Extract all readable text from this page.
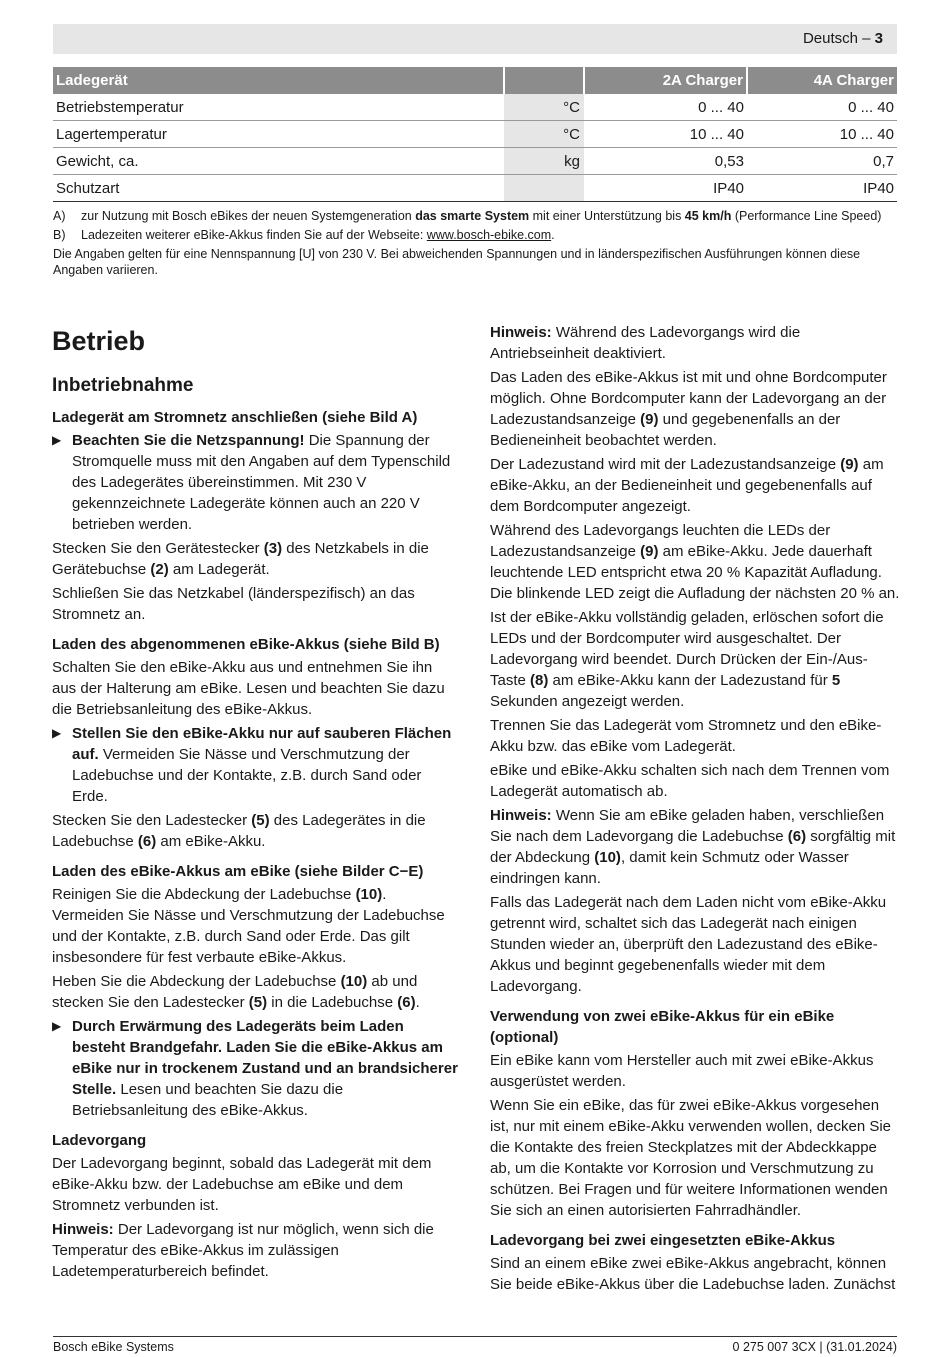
Deutsch – 3
Ladegerät		2A Charger	4A Charger
Betriebstemperatur	°C	0 ... 40	0 ... 40
Lagertemperatur	°C	10 ... 40	10 ... 40
Gewicht, ca.	kg	0,53	0,7
Schutzart		IP40	IP40
A)	zur Nutzung mit Bosch eBikes der neuen Systemgeneration das smarte System mit einer Unterstützung bis 45 km/h (Performance Line Speed)
B)	Ladezeiten weiterer eBike-Akkus finden Sie auf der Webseite: www.bosch-ebike.com.
Die Angaben gelten für eine Nennspannung [U] von 230 V. Bei abweichenden Spannungen und in länderspezifischen Ausführungen können diese Angaben variieren.
Betrieb
Inbetriebnahme
Ladegerät am Stromnetz anschließen (siehe Bild A)
▶ Beachten Sie die Netzspannung! Die Spannung der Stromquelle muss mit den Angaben auf dem Typenschild des Ladegerätes übereinstimmen. Mit 230 V gekennzeichnete Ladegeräte können auch an 220 V betrieben werden.

Stecken Sie den Gerätestecker (3) des Netzkabels in die Gerätebuchse (2) am Ladegerät.

Schließen Sie das Netzkabel (länderspezifisch) an das Stromnetz an.

Laden des abgenommenen eBike-Akkus (siehe Bild B)

Schalten Sie den eBike-Akku aus und entnehmen Sie ihn aus der Halterung am eBike. Lesen und beachten Sie dazu die Betriebsanleitung des eBike-Akkus.

▶ Stellen Sie den eBike-Akku nur auf sauberen Flächen auf. Vermeiden Sie Nässe und Verschmutzung der Ladebuchse und der Kontakte, z.B. durch Sand oder Erde.

Stecken Sie den Ladestecker (5) des Ladegerätes in die Ladebuchse (6) am eBike-Akku.

Laden des eBike-Akkus am eBike (siehe Bilder C−E)

Reinigen Sie die Abdeckung der Ladebuchse (10). Vermeiden Sie Nässe und Verschmutzung der Ladebuchse und der Kontakte, z.B. durch Sand oder Erde. Das gilt insbesondere für fest verbaute eBike-Akkus.

Heben Sie die Abdeckung der Ladebuchse (10) ab und stecken Sie den Ladestecker (5) in die Ladebuchse (6).

▶ Durch Erwärmung des Ladegeräts beim Laden besteht Brandgefahr. Laden Sie die eBike-Akkus am eBike nur in trockenem Zustand und an brandsicherer Stelle. Lesen und beachten Sie dazu die Betriebsanleitung des eBike-Akkus.
Ladevorgang

Der Ladevorgang beginnt, sobald das Ladegerät mit dem eBike-Akku bzw. der Ladebuchse am eBike und dem Stromnetz verbunden ist.

Hinweis: Der Ladevorgang ist nur möglich, wenn sich die Temperatur des eBike-Akkus im zulässigen Ladetemperaturbereich befindet.

Hinweis: Während des Ladevorgangs wird die Antriebseinheit deaktiviert.

Das Laden des eBike-Akkus ist mit und ohne Bordcomputer möglich. Ohne Bordcomputer kann der Ladevorgang an der Ladezustandsanzeige (9) und gegebenenfalls an der Bedieneinheit beobachtet werden.

Der Ladezustand wird mit der Ladezustandsanzeige (9) am eBike-Akku, an der Bedieneinheit und gegebenenfalls auf dem Bordcomputer angezeigt.

Während des Ladevorgangs leuchten die LEDs der Ladezustandsanzeige (9) am eBike-Akku. Jede dauerhaft leuchtende LED entspricht etwa 20 % Kapazität Aufladung. Die blinkende LED zeigt die Aufladung der nächsten 20 % an.

Ist der eBike-Akku vollständig geladen, erlöschen sofort die LEDs und der Bordcomputer wird ausgeschaltet. Der Ladevorgang wird beendet. Durch Drücken der Ein-/Aus-Taste (8) am eBike-Akku kann der Ladezustand für 5 Sekunden angezeigt werden.

Trennen Sie das Ladegerät vom Stromnetz und den eBike-Akku bzw. das eBike vom Ladegerät.

eBike und eBike-Akku schalten sich nach dem Trennen vom Ladegerät automatisch ab.

Hinweis: Wenn Sie am eBike geladen haben, verschließen Sie nach dem Ladevorgang die Ladebuchse (6) sorgfältig mit der Abdeckung (10), damit kein Schmutz oder Wasser eindringen kann.

Falls das Ladegerät nach dem Laden nicht vom eBike-Akku getrennt wird, schaltet sich das Ladegerät nach einigen Stunden wieder an, überprüft den Ladezustand des eBike-Akkus und beginnt gegebenenfalls wieder mit dem Ladevorgang.

Verwendung von zwei eBike-Akkus für ein eBike (optional)

Ein eBike kann vom Hersteller auch mit zwei eBike-Akkus ausgerüstet werden.

Wenn Sie ein eBike, das für zwei eBike-Akkus vorgesehen ist, nur mit einem eBike-Akku verwenden wollen, decken Sie die Kontakte des freien Steckplatzes mit der Abdeckkappe ab, um die Kontakte vor Korrosion und Verschmutzung zu schützen. Bei Fragen und für weitere Informationen wenden Sie sich an einen autorisierten Fahrradhändler.

Ladevorgang bei zwei eingesetzten eBike-Akkus

Sind an einem eBike zwei eBike-Akkus angebracht, können Sie beide eBike-Akkus über die Ladebuchse laden. Zunächst

Bosch eBike Systems	0 275 007 3CX | (31.01.2024)
